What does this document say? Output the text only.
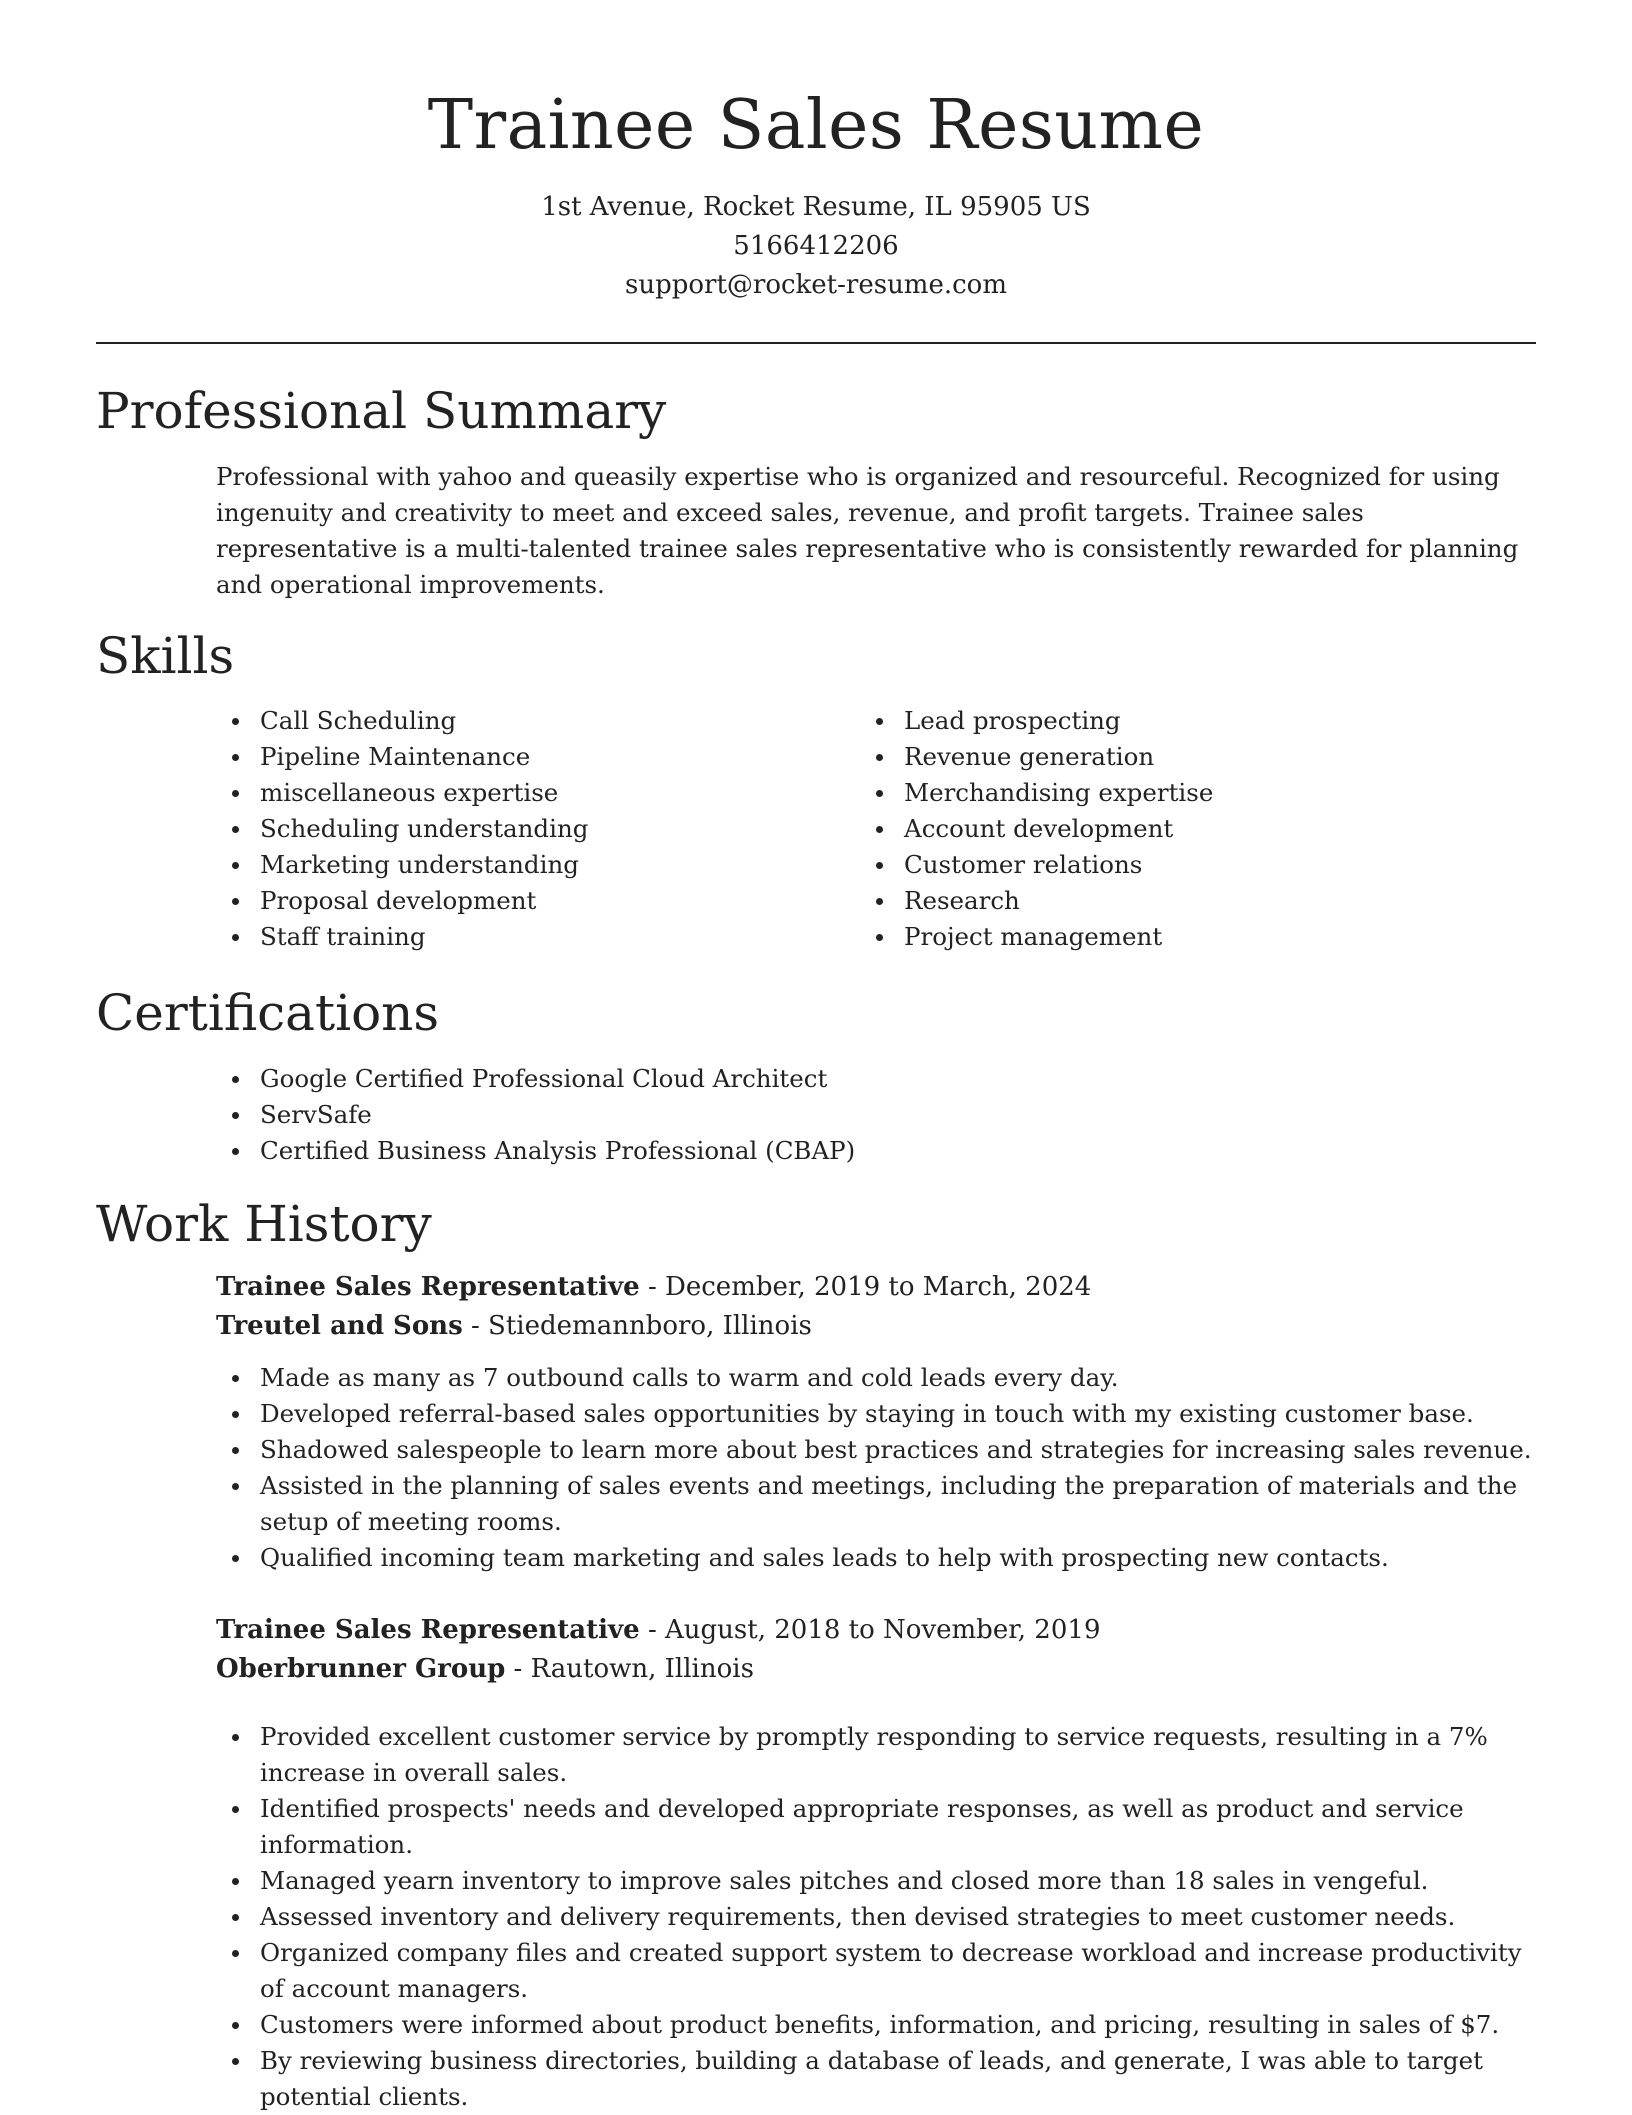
Trainee Sales Resume

1st Avenue, Rocket Resume, IL 95905 US

5166412206

support@rocket-resume.com

Professional Summary

Professional with yahoo and queasily expertise who is organized and resourceful. Recognized for using ingenuity and creativity to meet and exceed sales, revenue, and profit targets. Trainee sales representative is a multi-talented trainee sales representative who is consistently rewarded for planning and operational improvements.

Skills
Call Scheduling
Pipeline Maintenance
miscellaneous expertise
Scheduling understanding
Marketing understanding
Proposal development
Staff training
Lead prospecting
Revenue generation
Merchandising expertise
Account development
Customer relations
Research
Project management
Certifications
Google Certified Professional Cloud Architect
ServSafe
Certified Business Analysis Professional (CBAP)
Work History

Trainee Sales Representative - December, 2019 to March, 2024

Treutel and Sons - Stiedemannboro, Illinois

Made as many as 7 outbound calls to warm and cold leads every day.
Developed referral-based sales opportunities by staying in touch with my existing customer base.
Shadowed salespeople to learn more about best practices and strategies for increasing sales revenue.
Assisted in the planning of sales events and meetings, including the preparation of materials and the setup of meeting rooms.
Qualified incoming team marketing and sales leads to help with prospecting new contacts.

Trainee Sales Representative - August, 2018 to November, 2019

Oberbrunner Group - Rautown, Illinois

Provided excellent customer service by promptly responding to service requests, resulting in a 7% increase in overall sales.
Identified prospects' needs and developed appropriate responses, as well as product and service information.
Managed yearn inventory to improve sales pitches and closed more than 18 sales in vengeful.
Assessed inventory and delivery requirements, then devised strategies to meet customer needs.
Organized company files and created support system to decrease workload and increase productivity of account managers.
Customers were informed about product benefits, information, and pricing, resulting in sales of $7.
By reviewing business directories, building a database of leads, and generate, I was able to target potential clients.
